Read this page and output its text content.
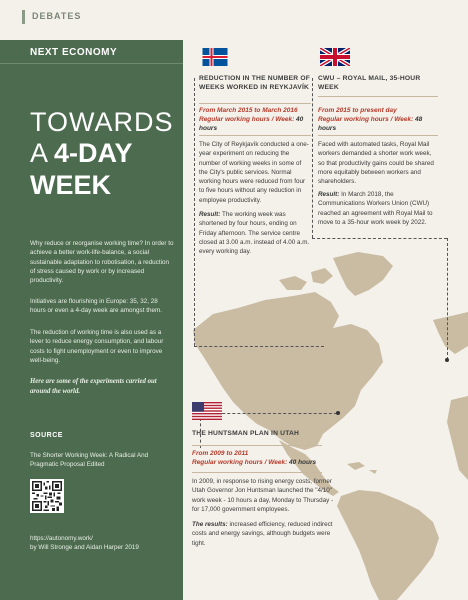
DEBATES
NEXT ECONOMY
TOWARDS
A 4-DAY
WEEK
Why reduce or reorganise working time? In order to achieve a better work-life-balance, a social sustainable adaptation to robotisation, a reduction of stress caused by work or by increased productivity.
Initiatives are flourishing in Europe: 35, 32, 28 hours or even a 4-day week are amongst them.
The reduction of working time is also used as a lever to reduce energy consumption, and labour costs to fight unemployment or even to improve well-being.
Here are some of the experiments carried out around the world.
SOURCE
The Shorter Working Week: A Radical And Pragmatic Proposal Edited
https://autonomy.work/
by Will Stronge and Aidan Harper 2019
REDUCTION IN THE NUMBER OF WEEKS WORKED IN REYKJAVÍK
From March 2015 to March 2016
Regular working hours / Week: 40 hours
The City of Reykjavík conducted a one-year experiment on reducing the number of working weeks in some of the City's public services. Normal working hours were reduced from four to five hours without any reduction in employee productivity.
Result: The working week was shortened by four hours, ending on Friday afternoon. The service centre closed at 3.00 a.m. instead of 4.00 a.m. every working day.
CWU – ROYAL MAIL, 35-HOUR WEEK
From 2015 to present day
Regular working hours / Week: 48 hours
Faced with automated tasks, Royal Mail workers demanded a shorter work week, so that productivity gains could be shared more equitably between workers and shareholders.
Result: In March 2018, the Communications Workers Union (CWU) reached an agreement with Royal Mail to move to a 35-hour work week by 2022.
THE HUNTSMAN PLAN IN UTAH
From 2009 to 2011
Regular working hours / Week: 40 hours
In 2009, in response to rising energy costs, former Utah Governor Jon Huntsman launched the "4/10" work week - 10 hours a day, Monday to Thursday - for 17,000 government employees.
The results: increased efficiency, reduced indirect costs and energy savings, although budgets were tight.
